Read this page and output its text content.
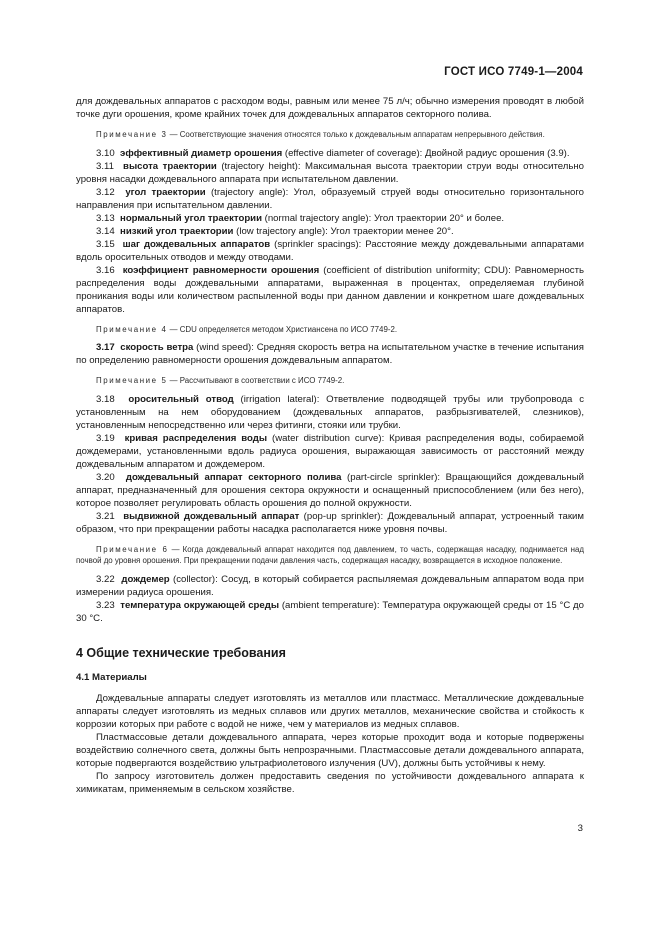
ГОСТ ИСО 7749-1—2004

для дождевальных аппаратов с расходом воды, равным или менее 75 л/ч; обычно измерения проводят в любой точке дуги орошения, кроме крайних точек для дождевальных аппаратов секторного полива.

Примечание 3 — Соответствующие значения относятся только к дождевальным аппаратам непрерывного действия.

3.10 эффективный диаметр орошения (effective diameter of coverage): Двойной радиус орошения (3.9).

3.11 высота траектории (trajectory height): Максимальная высота траектории струи воды относительно уровня насадки дождевального аппарата при испытательном давлении.

3.12 угол траектории (trajectory angle): Угол, образуемый струей воды относительно горизонтального направления при испытательном давлении.

3.13 нормальный угол траектории (normal trajectory angle): Угол траектории 20° и более.

3.14 низкий угол траектории (low trajectory angle): Угол траектории менее 20°.

3.15 шаг дождевальных аппаратов (sprinkler spacings): Расстояние между дождевальными аппаратами вдоль оросительных отводов и между отводами.

3.16 коэффициент равномерности орошения (coefficient of distribution uniformity; CDU): Равномерность распределения воды дождевальными аппаратами, выраженная в процентах, определяемая глубиной проникания воды или количеством распыленной воды при данном давлении и конкретном шаге дождевальных аппаратов.

Примечание 4 — CDU определяется методом Христиансена по ИСО 7749-2.

3.17 скорость ветра (wind speed): Средняя скорость ветра на испытательном участке в течение испытания по определению равномерности орошения дождевальным аппаратом.

Примечание 5 — Рассчитывают в соответствии с ИСО 7749-2.

3.18 оросительный отвод (irrigation lateral): Ответвление подводящей трубы или трубопровода с установленным на нем оборудованием (дождевальных аппаратов, разбрызгивателей, слезников), установленным непосредственно или через фитинги, стояки или трубки.

3.19 кривая распределения воды (water distribution curve): Кривая распределения воды, собираемой дождемерами, установленными вдоль радиуса орошения, выражающая зависимость от расстояний между дождевальным аппаратом и дождемером.

3.20 дождевальный аппарат секторного полива (part-circle sprinkler): Вращающийся дождевальный аппарат, предназначенный для орошения сектора окружности и оснащенный приспособлением (или без него), которое позволяет регулировать область орошения до полной окружности.

3.21 выдвижной дождевальный аппарат (pop-up sprinkler): Дождевальный аппарат, устроенный таким образом, что при прекращении работы насадка располагается ниже уровня почвы.

Примечание 6 — Когда дождевальный аппарат находится под давлением, то часть, содержащая насадку, поднимается над почвой до уровня орошения. При прекращении подачи давления часть, содержащая насадку, возвращается в исходное положение.

3.22 дождемер (collector): Сосуд, в который собирается распыляемая дождевальным аппаратом вода при измерении радиуса орошения.

3.23 температура окружающей среды (ambient temperature): Температура окружающей среды от 15 °С до 30 °С.

4 Общие технические требования
4.1 Материалы

Дождевальные аппараты следует изготовлять из металлов или пластмасс. Металлические дождевальные аппараты следует изготовлять из медных сплавов или других металлов, механические свойства и стойкость к коррозии которых при работе с водой не ниже, чем у материалов из медных сплавов.

Пластмассовые детали дождевального аппарата, через которые проходит вода и которые подвержены воздействию солнечного света, должны быть непрозрачными. Пластмассовые детали дождевального аппарата, которые подвергаются воздействию ультрафиолетового излучения (UV), должны быть устойчивы к нему.

По запросу изготовитель должен предоставить сведения по устойчивости дождевального аппарата к химикатам, применяемым в сельском хозяйстве.

3
